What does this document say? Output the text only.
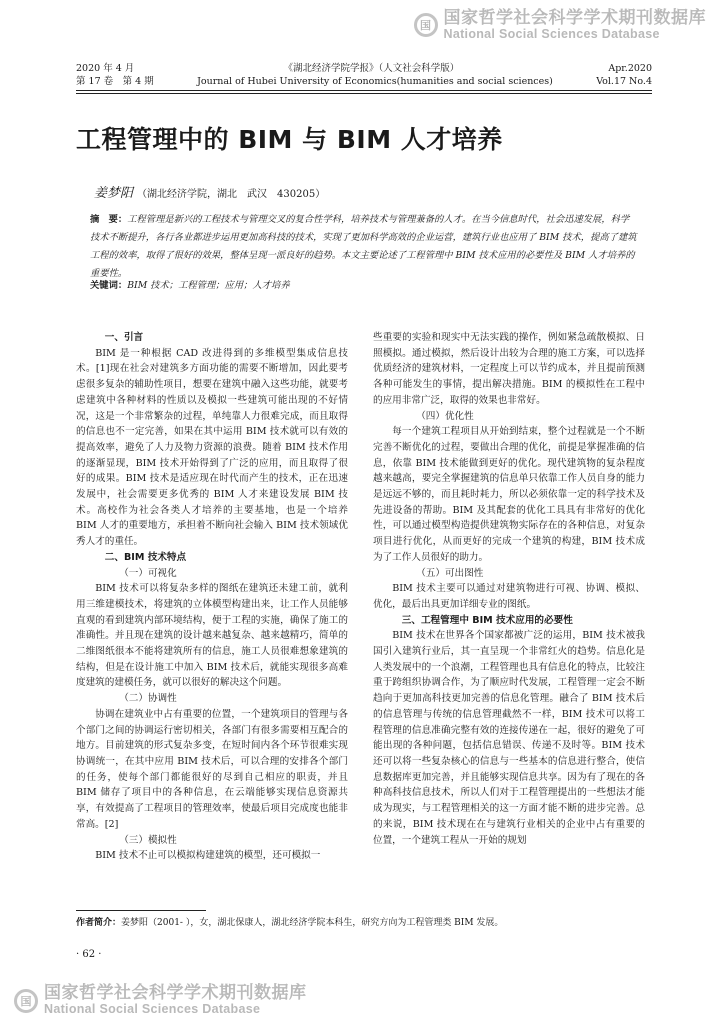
国 国家哲学社会科学学术期刊数据库
National Social Sciences Database
2020 年 4 月	《湖北经济学院学报》（人文社会科学版）	Apr.2020
第 17 卷　第 4 期	Journal of Hubei University of Economics(humanities and social sciences)	Vol.17 No.4
工程管理中的 BIM 与 BIM 人才培养
姜梦阳 （湖北经济学院，湖北　武汉　430205）
摘　要：工程管理是新兴的工程技术与管理交叉的复合性学科，培养技术与管理兼备的人才。在当今信息时代，社会迅速发展，科学技术不断提升，各行各业都进步运用更加高科技的技术，实现了更加科学高效的企业运营，建筑行业也应用了 BIM 技术，提高了建筑工程的效率，取得了很好的效果，整体呈现一派良好的趋势。本文主要论述了工程管理中 BIM 技术应用的必要性及 BIM 人才培养的重要性。
关键词：BIM 技术；工程管理；应用；人才培养

一、引言

BIM 是一种根据 CAD 改进得到的多维模型集成信息技术。[1]现在社会对建筑多方面功能的需要不断增加，因此要考虑很多复杂的辅助性项目，想要在建筑中融入这些功能，就要考虑建筑中各种材料的性质以及模拟一些建筑可能出现的不好情况，这是一个非常繁杂的过程，单纯靠人力很难完成，而且取得的信息也不一定完善，如果在其中运用 BIM 技术就可以有效的提高效率，避免了人力及物力资源的浪费。随着 BIM 技术作用的逐渐显现，BIM 技术开始得到了广泛的应用，而且取得了很好的成果。BIM 技术是适应现在时代而产生的技术，正在迅速发展中，社会需要更多优秀的 BIM 人才来建设发展 BIM 技术。高校作为社会各类人才培养的主要基地，也是一个培养 BIM 人才的重要地方，承担着不断向社会输入 BIM 技术领域优秀人才的重任。

二、BIM 技术特点

（一）可视化

BIM 技术可以将复杂多样的图纸在建筑还未建工前，就利用三维建模技术，将建筑的立体模型构建出来，让工作人员能够直观的看到建筑内部环境结构，便于工程的实施，确保了施工的准确性。并且现在建筑的设计越来越复杂、越来越精巧，简单的二维图纸很本不能将建筑所有的信息，施工人员很难想象建筑的结构，但是在设计施工中加入 BIM 技术后，就能实现很多高难度建筑的建模任务，就可以很好的解决这个问题。

（二）协调性

协调在建筑业中占有重要的位置，一个建筑项目的管理与各个部门之间的协调运行密切相关，各部门有很多需要相互配合的地方。目前建筑的形式复杂多变，在短时间内各个环节很难实现协调统一，在其中应用 BIM 技术后，可以合理的安排各个部门的任务，使每个部门都能很好的尽到自己相应的职责，并且 BIM 储存了项目中的各种信息，在云端能够实现信息资源共享，有效提高了工程项目的管理效率，使最后项目完成度也能非常高。[2]

（三）模拟性

BIM 技术不止可以模拟构建建筑的模型，还可模拟一

些重要的实验和现实中无法实践的操作，例如紧急疏散模拟、日照模拟。通过模拟，然后设计出较为合理的施工方案，可以选择优质经济的建筑材料，一定程度上可以节约成本，并且提前预测各种可能发生的事情，提出解决措施。BIM 的模拟性在工程中的应用非常广泛，取得的效果也非常好。

（四）优化性

每一个建筑工程项目从开始到结束，整个过程就是一个不断完善不断优化的过程，要做出合理的优化，前提是掌握准确的信息，依靠 BIM 技术能做到更好的优化。现代建筑物的复杂程度越来越高，要完全掌握建筑的信息单只依靠工作人员自身的能力是远远不够的，而且耗时耗力，所以必须依靠一定的科学技术及先进设备的帮助。BIM 及其配套的优化工具具有非常好的优化性，可以通过模型构造提供建筑物实际存在的各种信息，对复杂项目进行优化，从而更好的完成一个建筑的构建，BIM 技术成为了工作人员很好的助力。

（五）可出图性

BIM 技术主要可以通过对建筑物进行可视、协调、模拟、优化，最后出具更加详细专业的图纸。

三、工程管理中 BIM 技术应用的必要性

BIM 技术在世界各个国家都被广泛的运用，BIM 技术被我国引入建筑行业后，其一直呈现一个非常红火的趋势。信息化是人类发展中的一个浪潮，工程管理也具有信息化的特点，比较注重于跨组织协调合作，为了顺应时代发展，工程管理一定会不断趋向于更加高科技更加完善的信息化管理。融合了 BIM 技术后的信息管理与传统的信息管理截然不一样，BIM 技术可以将工程管理的信息准确完整有效的连接传递在一起，很好的避免了可能出现的各种问题，包括信息错误、传递不及时等。BIM 技术还可以将一些复杂核心的信息与一些基本的信息进行整合，使信息数据库更加完善，并且能够实现信息共享。因为有了现在的各种高科技信息技术，所以人们对于工程管理提出的一些想法才能成为现实，与工程管理相关的这一方面才能不断的进步完善。总的来说，BIM 技术现在在与建筑行业相关的企业中占有重要的位置，一个建筑工程从一开始的规划

作者简介：姜梦阳（2001- ），女，湖北保康人，湖北经济学院本科生，研究方向为工程管理类 BIM 发展。
· 62 ·
国 国家哲学社会科学学术期刊数据库
National Social Sciences Database
